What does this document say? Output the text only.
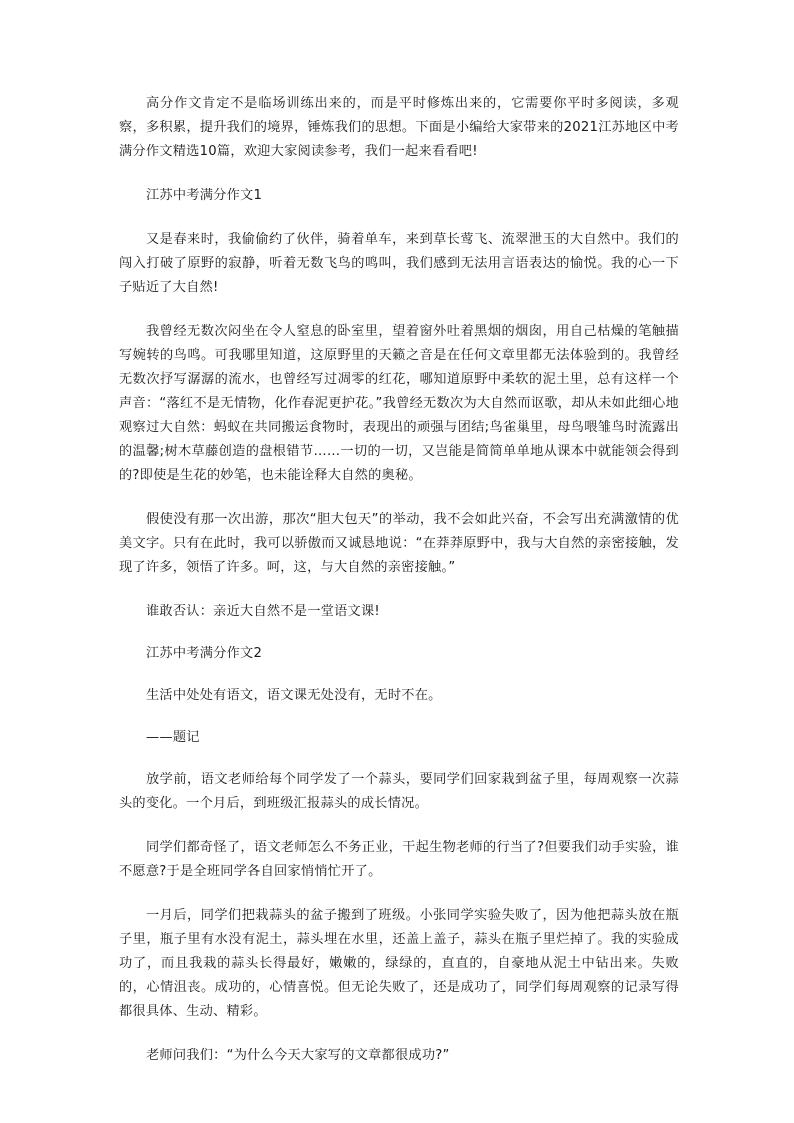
高分作文肯定不是临场训练出来的，而是平时修炼出来的，它需要你平时多阅读，多观察，多积累，提升我们的境界，锤炼我们的思想。下面是小编给大家带来的2021江苏地区中考满分作文精选10篇，欢迎大家阅读参考，我们一起来看看吧!

江苏中考满分作文1

又是春来时，我偷偷约了伙伴，骑着单车，来到草长莺飞、流翠泄玉的大自然中。我们的闯入打破了原野的寂静，听着无数飞鸟的鸣叫，我们感到无法用言语表达的愉悦。我的心一下子贴近了大自然!

我曾经无数次闷坐在令人窒息的卧室里，望着窗外吐着黑烟的烟囱，用自己枯燥的笔触描写婉转的鸟鸣。可我哪里知道，这原野里的天籁之音是在任何文章里都无法体验到的。我曾经无数次抒写潺潺的流水，也曾经写过凋零的红花，哪知道原野中柔软的泥土里，总有这样一个声音：“落红不是无情物，化作春泥更护花。”我曾经无数次为大自然而讴歌，却从未如此细心地观察过大自然：蚂蚁在共同搬运食物时，表现出的顽强与团结;鸟雀巢里，母鸟喂雏鸟时流露出的温馨;树木草藤创造的盘根错节……一切的一切，又岂能是简简单单地从课本中就能领会得到的?即使是生花的妙笔，也未能诠释大自然的奥秘。

假使没有那一次出游，那次“胆大包天”的举动，我不会如此兴奋，不会写出充满激情的优美文字。只有在此时，我可以骄傲而又诚恳地说：“在莽莽原野中，我与大自然的亲密接触，发现了许多，领悟了许多。呵，这，与大自然的亲密接触。”

谁敢否认：亲近大自然不是一堂语文课!

江苏中考满分作文2

生活中处处有语文，语文课无处没有，无时不在。

——题记

放学前，语文老师给每个同学发了一个蒜头，要同学们回家栽到盆子里，每周观察一次蒜头的变化。一个月后，到班级汇报蒜头的成长情况。

同学们都奇怪了，语文老师怎么不务正业，干起生物老师的行当了?但要我们动手实验，谁不愿意?于是全班同学各自回家悄悄忙开了。

一月后，同学们把栽蒜头的盆子搬到了班级。小张同学实验失败了，因为他把蒜头放在瓶子里，瓶子里有水没有泥土，蒜头埋在水里，还盖上盖子，蒜头在瓶子里烂掉了。我的实验成功了，而且我栽的蒜头长得最好，嫩嫩的，绿绿的，直直的，自豪地从泥土中钻出来。失败的，心情沮丧。成功的，心情喜悦。但无论失败了，还是成功了，同学们每周观察的记录写得都很具体、生动、精彩。

老师问我们：“为什么今天大家写的文章都很成功?”
